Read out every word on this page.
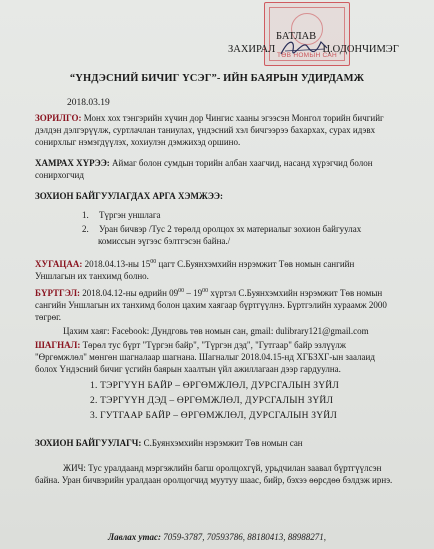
ТӨВ НОМЫН САН
БАТЛАВ
ЗАХИРАЛ	Ц.ОДОНЧИМЭГ
“ҮНДЭСНИЙ БИЧИГ ҮСЭГ”- ИЙН БАЯРЫН УДИРДАМЖ
2018.03.19
ЗОРИЛГО: Монх хох тэнгэрийн хүчин дор Чингис хааны эгээсэн Монгол торийн бичгийг
дэлдэн дэлгэрүүлж, суртлачлан таниулах, үндэсний хэл бичгээрээ бахархах, сурах идэвх
сонирхлыг нэмэгдүүлэх, хохиулэн дэмжихэд оршино.
ХАМРАХ ХҮРЭЭ: Аймаг болон сумдын торийн албан хаагчид, насанд хүрэгчид болон
сонирхогчид
ЗОХИОН БАЙГУУЛАГДАХ АРГА ХЭМЖЭЭ:
1. Түргэн уншлага
2. Уран бичвэр /Тус 2 төрөлд оролцох эх материалыг зохион байгуулах
комиссын эүгээс бэлтгэсэн байна./
ХУГАЦАА: 2018.04.13-ны $15^{00}$ цагт С.Буянхэмхийн нэрэмжит Төв номын сангийн
Уншлагын их танхимд болно.
БҮРТГЭЛ: 2018.04.12-ны өдрийн $09^{00} - 19^{00}$ хүртэл С.Буянхэмхийн нэрэмжит Төв номын
сангийн Уншлагын их танхимд болон цахим хаягаар бүртгүүлнэ. Бүртгэлийн хураамж 2000
төгрөг.
Цахим хаяг: Facebook: Дундговь төв номын сан, gmail: dulibrary121@gmail.com
ШАГНАЛ: Төрөл тус бүрт "Түргэн байр", "Түргэн дэд", "Гутгаар" байр эзлүүлж
"Өргөмжлөл" мөнгөн шагналаар шагнана. Шагналыг 2018.04.15-нд ХГБЗХГ-ын заалаид
болох Үндэсний бичиг үсгийн баярын хаалтын үйл ажиллагаан дээр гардуулна.
1. ТЭРГҮҮН БАЙР – ӨРГӨМЖЛӨЛ, ДУРСГАЛЫН ЗҮЙЛ
2. ТЭРГҮҮН ДЭД – ӨРГӨМЖЛӨЛ, ДУРСГАЛЫН ЗҮЙЛ
3. ГУТГААР БАЙР – ӨРГӨМЖЛӨЛ, ДУРСГАЛЫН ЗҮЙЛ
ЗОХИОН БАЙГУУЛАГЧ: С.Буянхэмхийн нэрэмжит Төв номын сан
ЖИЧ: Тус уралдаанд мэргэжлийн багш оролцохгүй, урьдчилан заавал бүртгүүлсэн
байна. Уран бичвэрийн уралдаан оролцогчид муутуу шаас, бийр, бэхээ өөрсдөө бэлдэж ирнэ.
Лавлах утас: 7059-3787, 70593786, 88180413, 88988271,
